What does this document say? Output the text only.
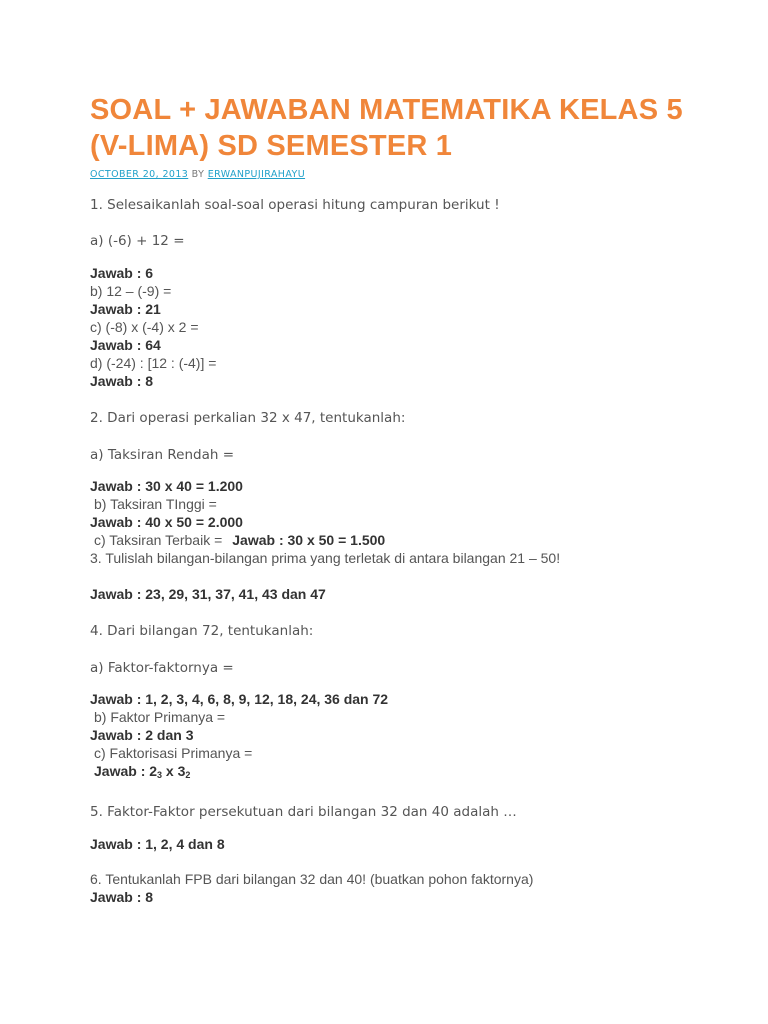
SOAL + JAWABAN MATEMATIKA KELAS 5 (V-LIMA) SD SEMESTER 1
OCTOBER 20, 2013 BY ERWANPUJIRAHAYU

1. Selesaikanlah soal-soal operasi hitung campuran berikut !

a) (-6) + 12 =

Jawab : 6

b) 12 – (-9) =

Jawab : 21

c) (-8) x (-4) x 2 =

Jawab : 64

d) (-24) : [12 : (-4)] =

Jawab : 8

2. Dari operasi perkalian 32 x 47, tentukanlah:

a) Taksiran Rendah =

Jawab : 30 x 40 = 1.200

b) Taksiran TInggi =

Jawab : 40 x 50 = 2.000

c) Taksiran Terbaik = Jawab : 30 x 50 = 1.500

3. Tulislah bilangan-bilangan prima yang terletak di antara bilangan 21 – 50!

Jawab : 23, 29, 31, 37, 41, 43 dan 47

4. Dari bilangan 72, tentukanlah:

a) Faktor-faktornya =

Jawab : 1, 2, 3, 4, 6, 8, 9, 12, 18, 24, 36 dan 72

b) Faktor Primanya =

Jawab : 2 dan 3

c) Faktorisasi Primanya =

Jawab : $2_3$ x $3_2$

5. Faktor-Faktor persekutuan dari bilangan 32 dan 40 adalah …

Jawab : 1, 2, 4 dan 8

6. Tentukanlah FPB dari bilangan 32 dan 40! (buatkan pohon faktornya)

Jawab : 8
